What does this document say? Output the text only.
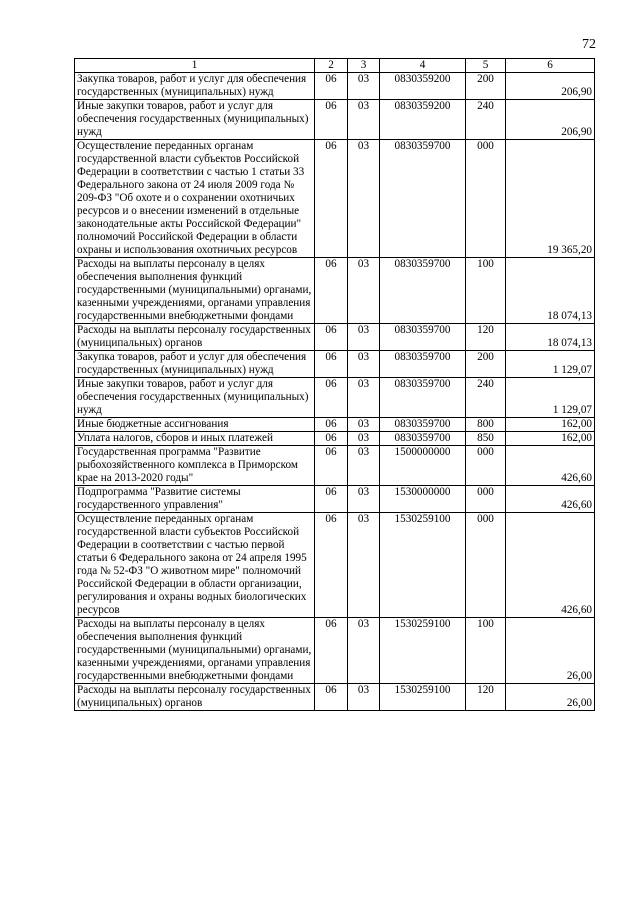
72
1	2	3	4	5	6
Закупка товаров, работ и услуг для обеспечения государственных (муниципальных) нужд	06	03	0830359200	200	206,90
Иные закупки товаров, работ и услуг для обеспечения государственных (муниципальных) нужд	06	03	0830359200	240	206,90
Осуществление переданных органам государственной власти субъектов Российской Федерации в соответствии с частью 1 статьи 33 Федерального закона от 24 июля 2009 года № 209-ФЗ "Об охоте и о сохранении охотничьих ресурсов и о внесении изменений в отдельные законодательные акты Российской Федерации" полномочий Российской Федерации в области охраны и использования охотничьих ресурсов	06	03	0830359700	000	19 365,20
Расходы на выплаты персоналу в целях обеспечения выполнения функций государственными (муниципальными) органами, казенными учреждениями, органами управления государственными внебюджетными фондами	06	03	0830359700	100	18 074,13
Расходы на выплаты персоналу государственных (муниципальных) органов	06	03	0830359700	120	18 074,13
Закупка товаров, работ и услуг для обеспечения государственных (муниципальных) нужд	06	03	0830359700	200	1 129,07
Иные закупки товаров, работ и услуг для обеспечения государственных (муниципальных) нужд	06	03	0830359700	240	1 129,07
Иные бюджетные ассигнования	06	03	0830359700	800	162,00
Уплата налогов, сборов и иных платежей	06	03	0830359700	850	162,00
Государственная программа "Развитие рыбохозяйственного комплекса в Приморском крае на 2013-2020 годы"	06	03	1500000000	000	426,60
Подпрограмма "Развитие системы государственного управления"	06	03	1530000000	000	426,60
Осуществление переданных органам государственной власти субъектов Российской Федерации в соответствии с частью первой статьи 6 Федерального закона от 24 апреля 1995 года № 52-ФЗ "О животном мире" полномочий Российской Федерации в области организации, регулирования и охраны водных биологических ресурсов	06	03	1530259100	000	426,60
Расходы на выплаты персоналу в целях обеспечения выполнения функций государственными (муниципальными) органами, казенными учреждениями, органами управления государственными внебюджетными фондами	06	03	1530259100	100	26,00
Расходы на выплаты персоналу государственных (муниципальных) органов	06	03	1530259100	120	26,00
